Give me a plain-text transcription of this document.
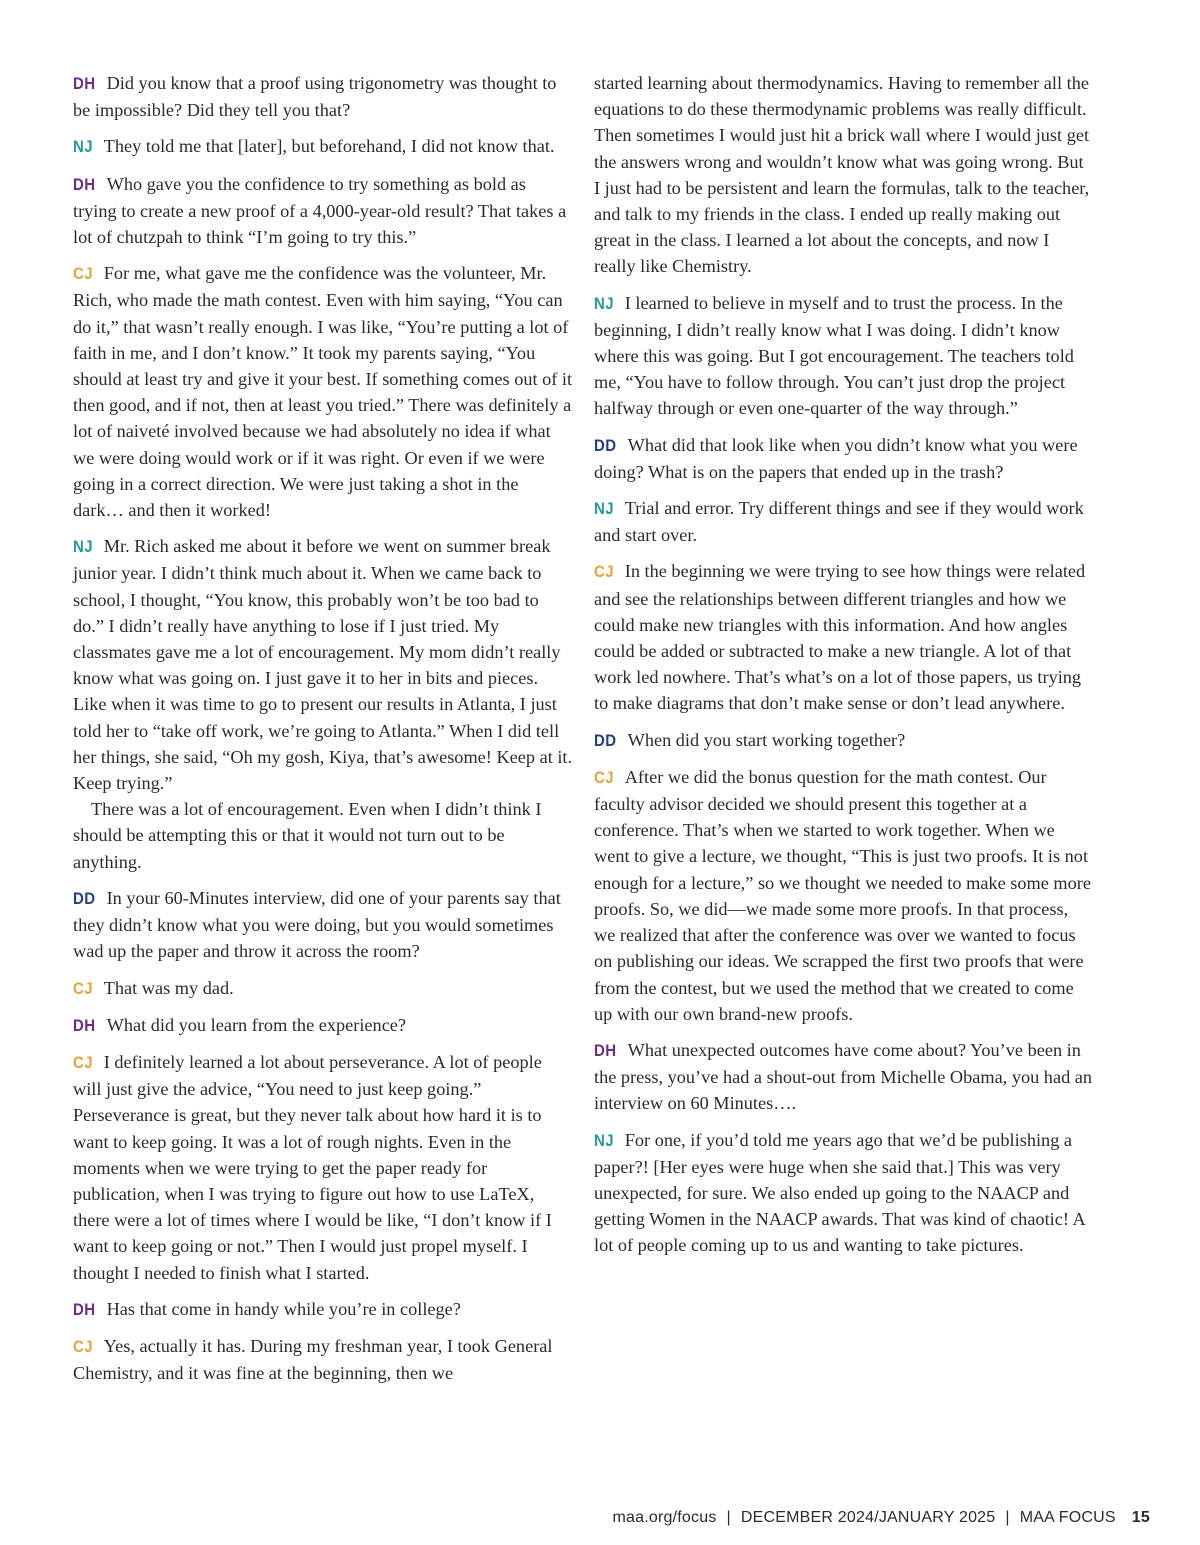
DH Did you know that a proof using trigonometry was thought to be impossible? Did they tell you that?

NJ They told me that [later], but beforehand, I did not know that.

DH Who gave you the confidence to try something as bold as trying to create a new proof of a 4,000-year-old result? That takes a lot of chutzpah to think “I’m going to try this.”

CJ For me, what gave me the confidence was the volunteer, Mr. Rich, who made the math contest. Even with him saying, “You can do it,” that wasn’t really enough. I was like, “You’re putting a lot of faith in me, and I don’t know.” It took my parents saying, “You should at least try and give it your best. If something comes out of it then good, and if not, then at least you tried.” There was definitely a lot of naiveté involved because we had absolutely no idea if what we were doing would work or if it was right. Or even if we were going in a correct direction. We were just taking a shot in the dark… and then it worked!

NJ Mr. Rich asked me about it before we went on summer break junior year. I didn’t think much about it. When we came back to school, I thought, “You know, this probably won’t be too bad to do.” I didn’t really have anything to lose if I just tried. My classmates gave me a lot of encouragement. My mom didn’t really know what was going on. I just gave it to her in bits and pieces. Like when it was time to go to present our results in Atlanta, I just told her to “take off work, we’re going to Atlanta.” When I did tell her things, she said, “Oh my gosh, Kiya, that’s awesome! Keep at it. Keep trying.”

There was a lot of encouragement. Even when I didn’t think I should be attempting this or that it would not turn out to be anything.

DD In your 60-Minutes interview, did one of your parents say that they didn’t know what you were doing, but you would sometimes wad up the paper and throw it across the room?

CJ That was my dad.

DH What did you learn from the experience?

CJ I definitely learned a lot about perseverance. A lot of people will just give the advice, “You need to just keep going.” Perseverance is great, but they never talk about how hard it is to want to keep going. It was a lot of rough nights. Even in the moments when we were trying to get the paper ready for publication, when I was trying to figure out how to use LaTeX, there were a lot of times where I would be like, “I don’t know if I want to keep going or not.” Then I would just propel myself. I thought I needed to finish what I started.

DH Has that come in handy while you’re in college?

CJ Yes, actually it has. During my freshman year, I took General Chemistry, and it was fine at the beginning, then we

started learning about thermodynamics. Having to remember all the equations to do these thermodynamic problems was really difficult. Then sometimes I would just hit a brick wall where I would just get the answers wrong and wouldn’t know what was going wrong. But I just had to be persistent and learn the formulas, talk to the teacher, and talk to my friends in the class. I ended up really making out great in the class. I learned a lot about the concepts, and now I really like Chemistry.

NJ I learned to believe in myself and to trust the process. In the beginning, I didn’t really know what I was doing. I didn’t know where this was going. But I got encouragement. The teachers told me, “You have to follow through. You can’t just drop the project halfway through or even one-quarter of the way through.”

DD What did that look like when you didn’t know what you were doing? What is on the papers that ended up in the trash?

NJ Trial and error. Try different things and see if they would work and start over.

CJ In the beginning we were trying to see how things were related and see the relationships between different triangles and how we could make new triangles with this information. And how angles could be added or subtracted to make a new triangle. A lot of that work led nowhere. That’s what’s on a lot of those papers, us trying to make diagrams that don’t make sense or don’t lead anywhere.

DD When did you start working together?

CJ After we did the bonus question for the math contest. Our faculty advisor decided we should present this together at a conference. That’s when we started to work together. When we went to give a lecture, we thought, “This is just two proofs. It is not enough for a lecture,” so we thought we needed to make some more proofs. So, we did—we made some more proofs. In that process, we realized that after the conference was over we wanted to focus on publishing our ideas. We scrapped the first two proofs that were from the contest, but we used the method that we created to come up with our own brand-new proofs.

DH What unexpected outcomes have come about? You’ve been in the press, you’ve had a shout-out from Michelle Obama, you had an interview on 60 Minutes….

NJ For one, if you’d told me years ago that we’d be publishing a paper?! [Her eyes were huge when she said that.] This was very unexpected, for sure. We also ended up going to the NAACP and getting Women in the NAACP awards. That was kind of chaotic! A lot of people coming up to us and wanting to take pictures.

maa.org/focus | DECEMBER 2024/JANUARY 2025 | MAA FOCUS 15
